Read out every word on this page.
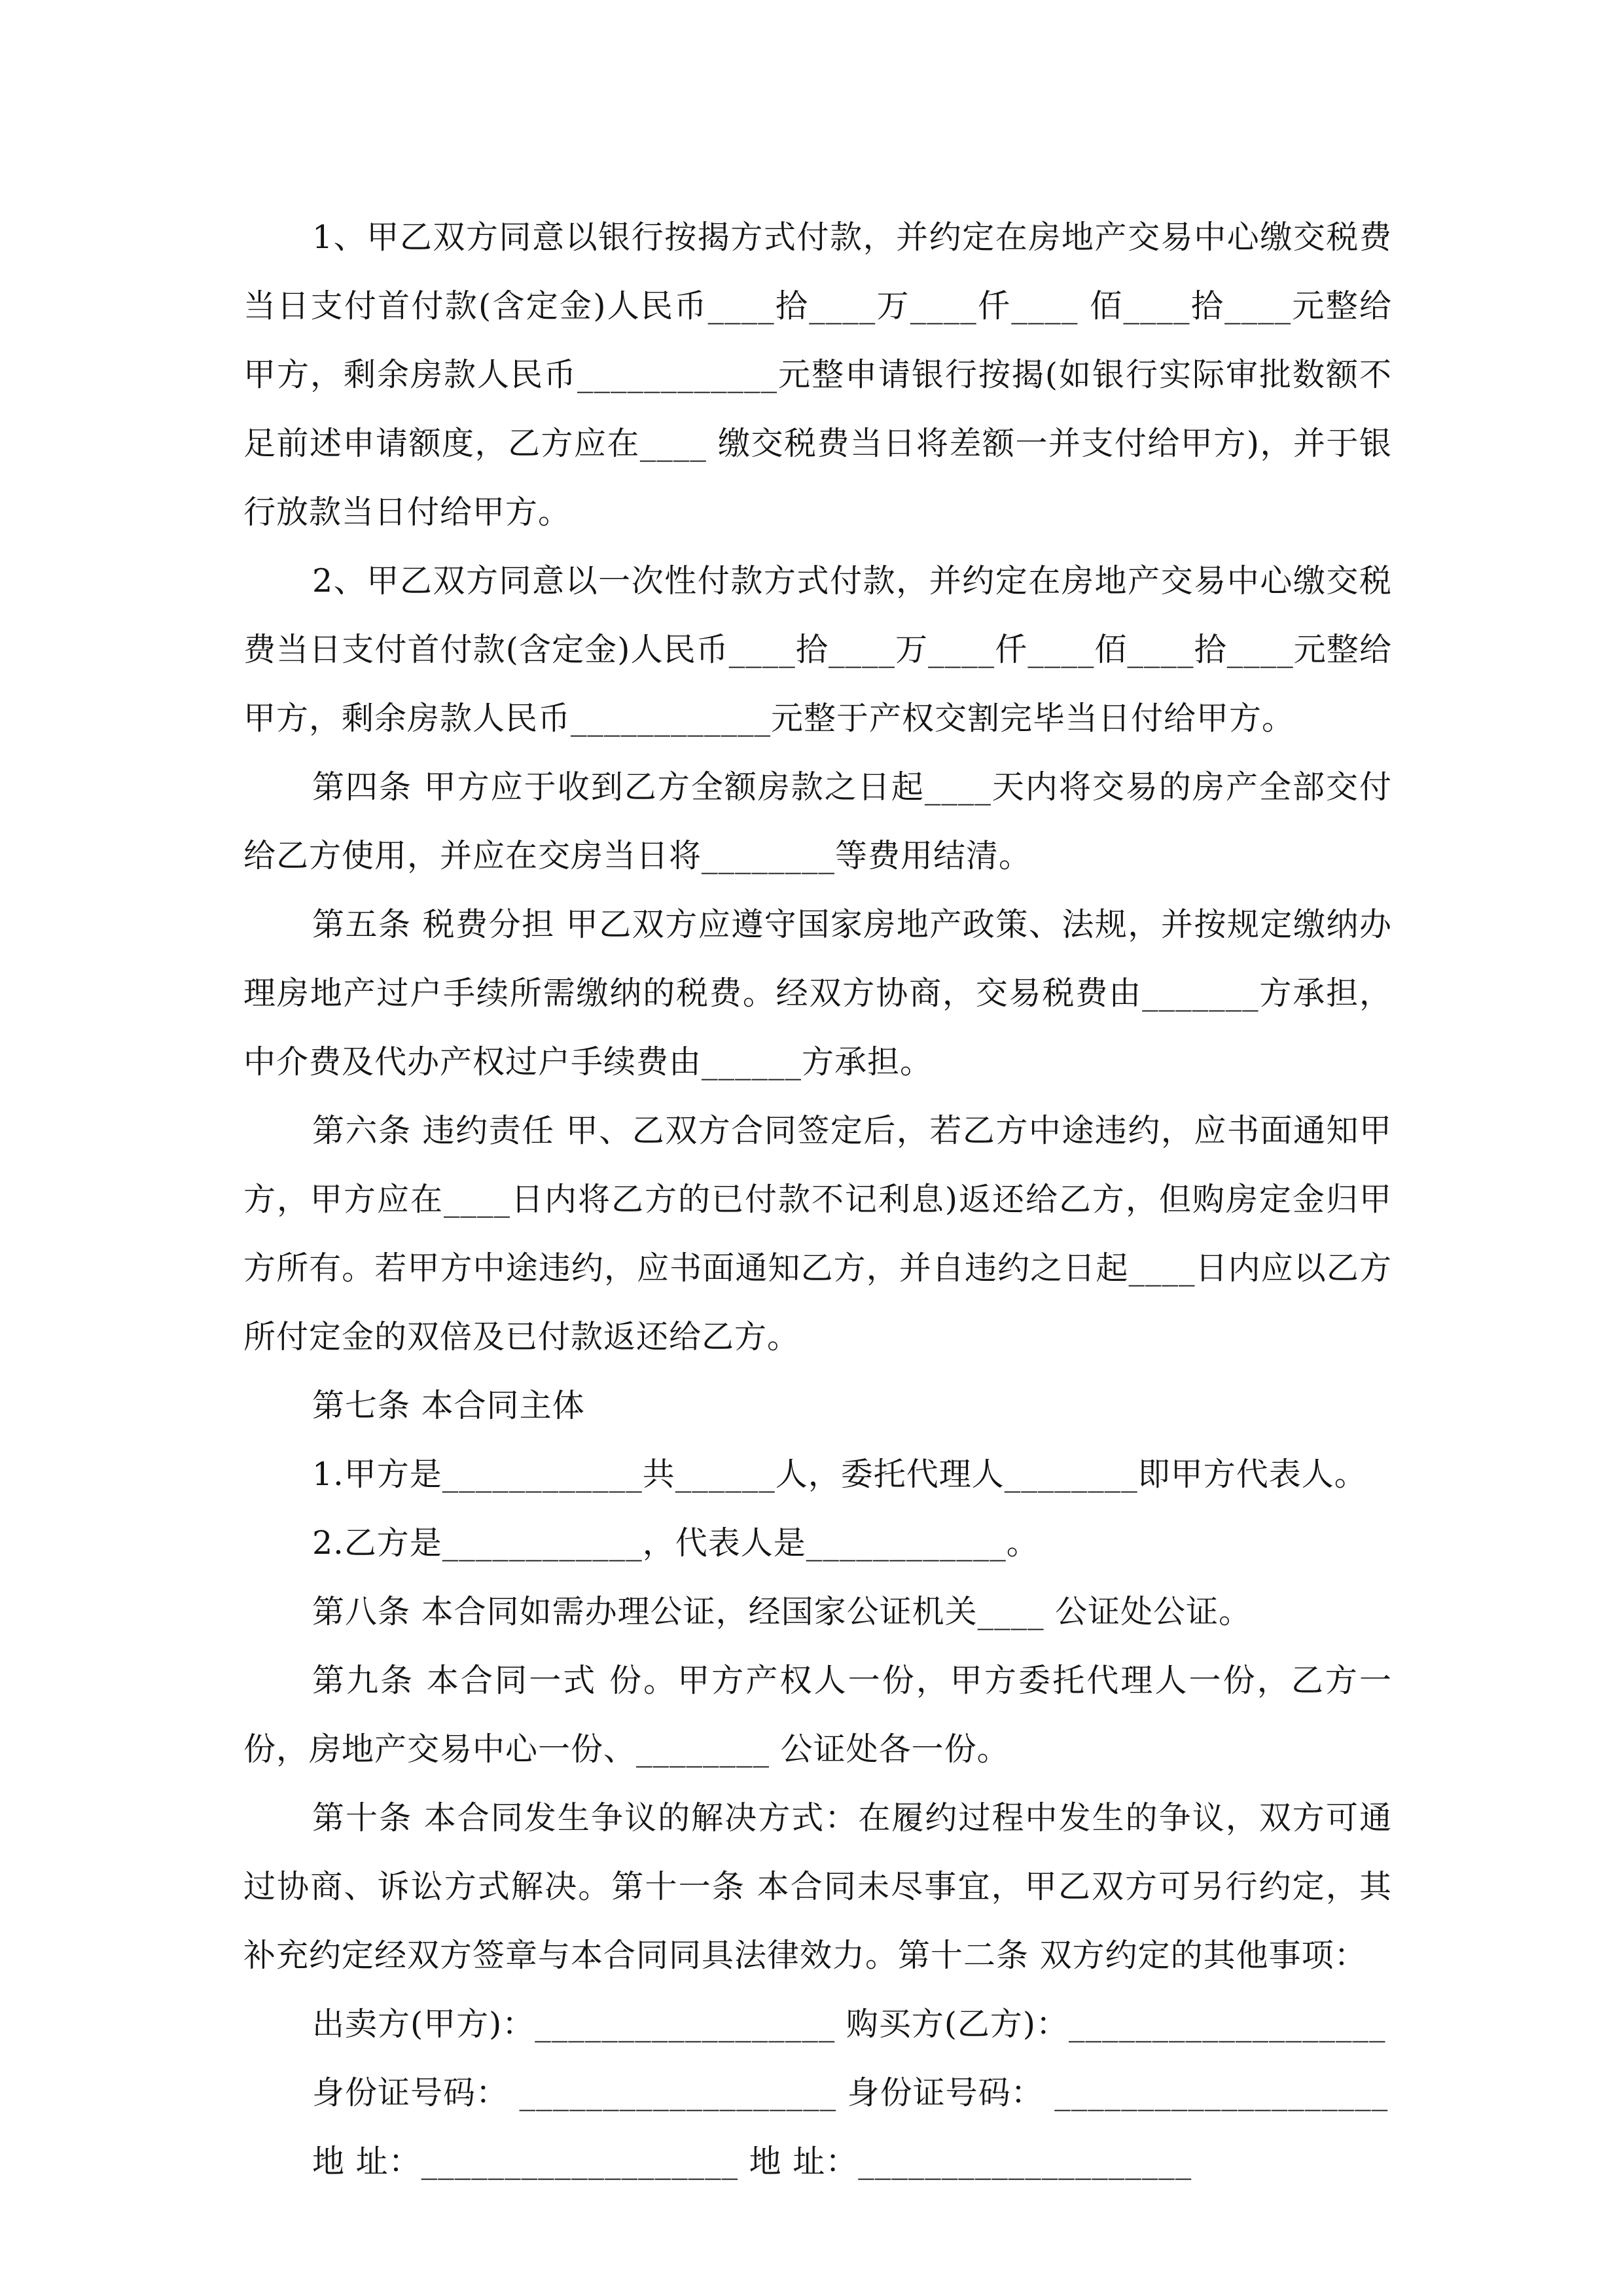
1、甲乙双方同意以银行按揭方式付款，并约定在房地产交易中心缴交税费当日支付首付款(含定金)人民币____拾____万____仟____ 佰____拾____元整给甲方，剩余房款人民币____________元整申请银行按揭(如银行实际审批数额不足前述申请额度，乙方应在____ 缴交税费当日将差额一并支付给甲方)，并于银行放款当日付给甲方。

2、甲乙双方同意以一次性付款方式付款，并约定在房地产交易中心缴交税费当日支付首付款(含定金)人民币____拾____万____仟____佰____拾____元整给甲方，剩余房款人民币____________元整于产权交割完毕当日付给甲方。

第四条 甲方应于收到乙方全额房款之日起____天内将交易的房产全部交付给乙方使用，并应在交房当日将________等费用结清。

第五条 税费分担 甲乙双方应遵守国家房地产政策、法规，并按规定缴纳办理房地产过户手续所需缴纳的税费。经双方协商，交易税费由_______方承担，中介费及代办产权过户手续费由______方承担。

第六条 违约责任 甲、乙双方合同签定后，若乙方中途违约，应书面通知甲方，甲方应在____日内将乙方的已付款不记利息)返还给乙方，但购房定金归甲方所有。若甲方中途违约，应书面通知乙方，并自违约之日起____日内应以乙方所付定金的双倍及已付款返还给乙方。

第七条 本合同主体

1.甲方是____________共______人，委托代理人________即甲方代表人。

2.乙方是____________，代表人是____________。

第八条 本合同如需办理公证，经国家公证机关____ 公证处公证。

第九条 本合同一式 份。甲方产权人一份，甲方委托代理人一份，乙方一份，房地产交易中心一份、________ 公证处各一份。

第十条 本合同发生争议的解决方式：在履约过程中发生的争议，双方可通过协商、诉讼方式解决。第十一条 本合同未尽事宜，甲乙双方可另行约定，其补充约定经双方签章与本合同同具法律效力。第十二条 双方约定的其他事项：

出卖方(甲方)：__________________ 购买方(乙方)：___________________

身份证号码： ___________________ 身份证号码： ____________________

地 址：___________________ 地 址：____________________
